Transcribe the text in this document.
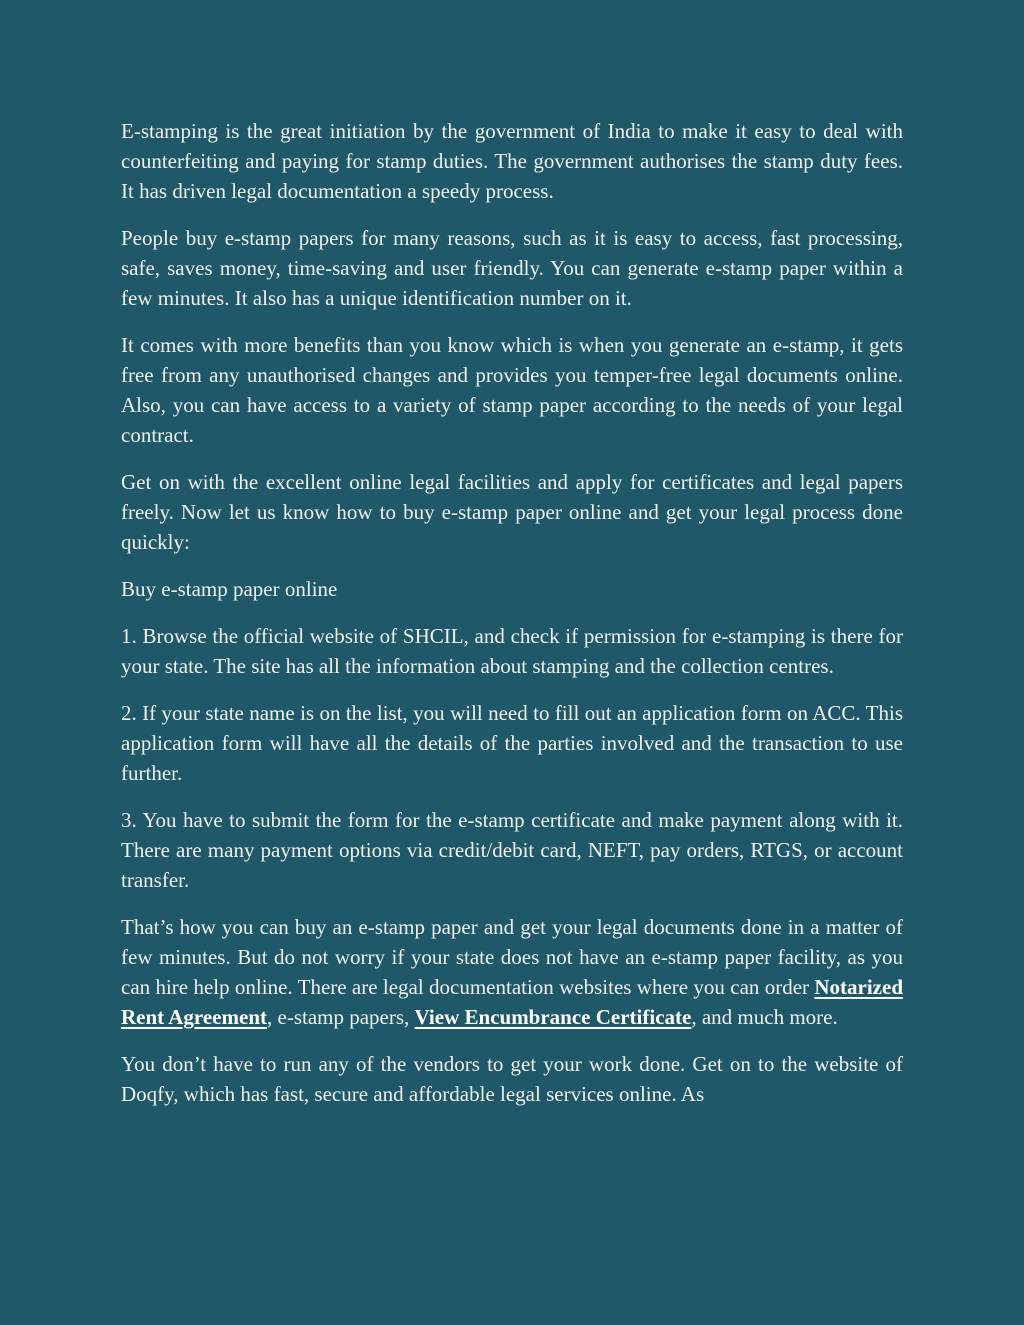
E-stamping is the great initiation by the government of India to make it easy to deal with counterfeiting and paying for stamp duties. The government authorises the stamp duty fees. It has driven legal documentation a speedy process.

People buy e-stamp papers for many reasons, such as it is easy to access, fast processing, safe, saves money, time-saving and user friendly. You can generate e-stamp paper within a few minutes. It also has a unique identification number on it.

It comes with more benefits than you know which is when you generate an e-stamp, it gets free from any unauthorised changes and provides you temper-free legal documents online. Also, you can have access to a variety of stamp paper according to the needs of your legal contract.

Get on with the excellent online legal facilities and apply for certificates and legal papers freely. Now let us know how to buy e-stamp paper online and get your legal process done quickly:

Buy e-stamp paper online

1. Browse the official website of SHCIL, and check if permission for e-stamping is there for your state. The site has all the information about stamping and the collection centres.

2. If your state name is on the list, you will need to fill out an application form on ACC. This application form will have all the details of the parties involved and the transaction to use further.

3. You have to submit the form for the e-stamp certificate and make payment along with it. There are many payment options via credit/debit card, NEFT, pay orders, RTGS, or account transfer.

That’s how you can buy an e-stamp paper and get your legal documents done in a matter of few minutes. But do not worry if your state does not have an e-stamp paper facility, as you can hire help online. There are legal documentation websites where you can order Notarized Rent Agreement, e-stamp papers, View Encumbrance Certificate, and much more.

You don’t have to run any of the vendors to get your work done. Get on to the website of Doqfy, which has fast, secure and affordable legal services online. As
